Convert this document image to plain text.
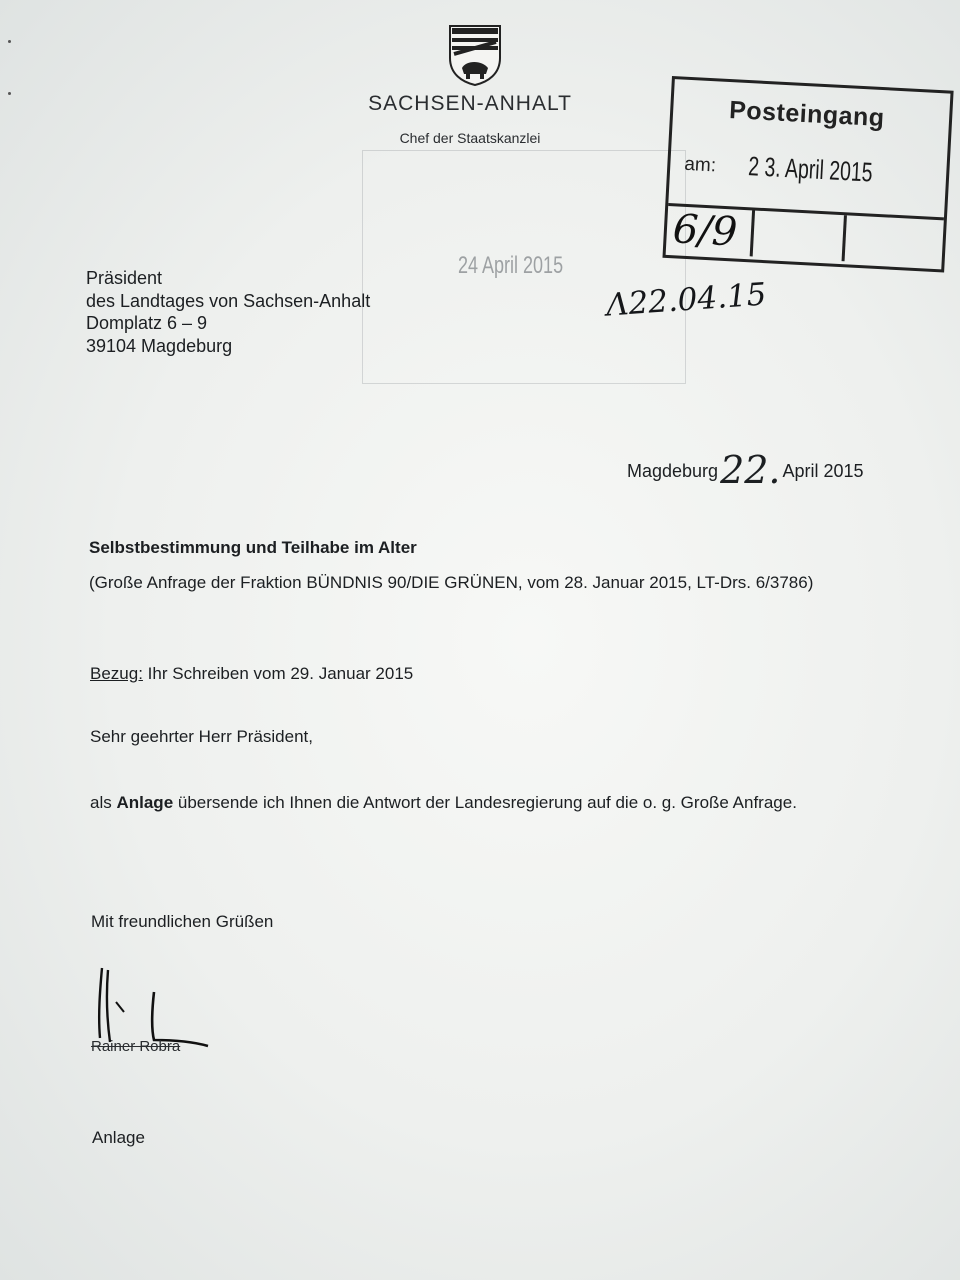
SACHSEN-ANHALT
Chef der Staatskanzlei
24 April 2015
Posteingang
am: 2 3. April 2015
6/9
Λ22.04.15
Präsident
des Landtages von Sachsen-Anhalt
Domplatz 6 – 9
39104 Magdeburg
Magdeburg22. April 2015
Selbstbestimmung und Teilhabe im Alter
(Große Anfrage der Fraktion BÜNDNIS 90/DIE GRÜNEN, vom 28. Januar 2015, LT-Drs. 6/3786)
Bezug: Ihr Schreiben vom 29. Januar 2015
Sehr geehrter Herr Präsident,
als Anlage übersende ich Ihnen die Antwort der Landesregierung auf die o. g. Große Anfrage.
Mit freundlichen Grüßen
Rainer Robra
Anlage
